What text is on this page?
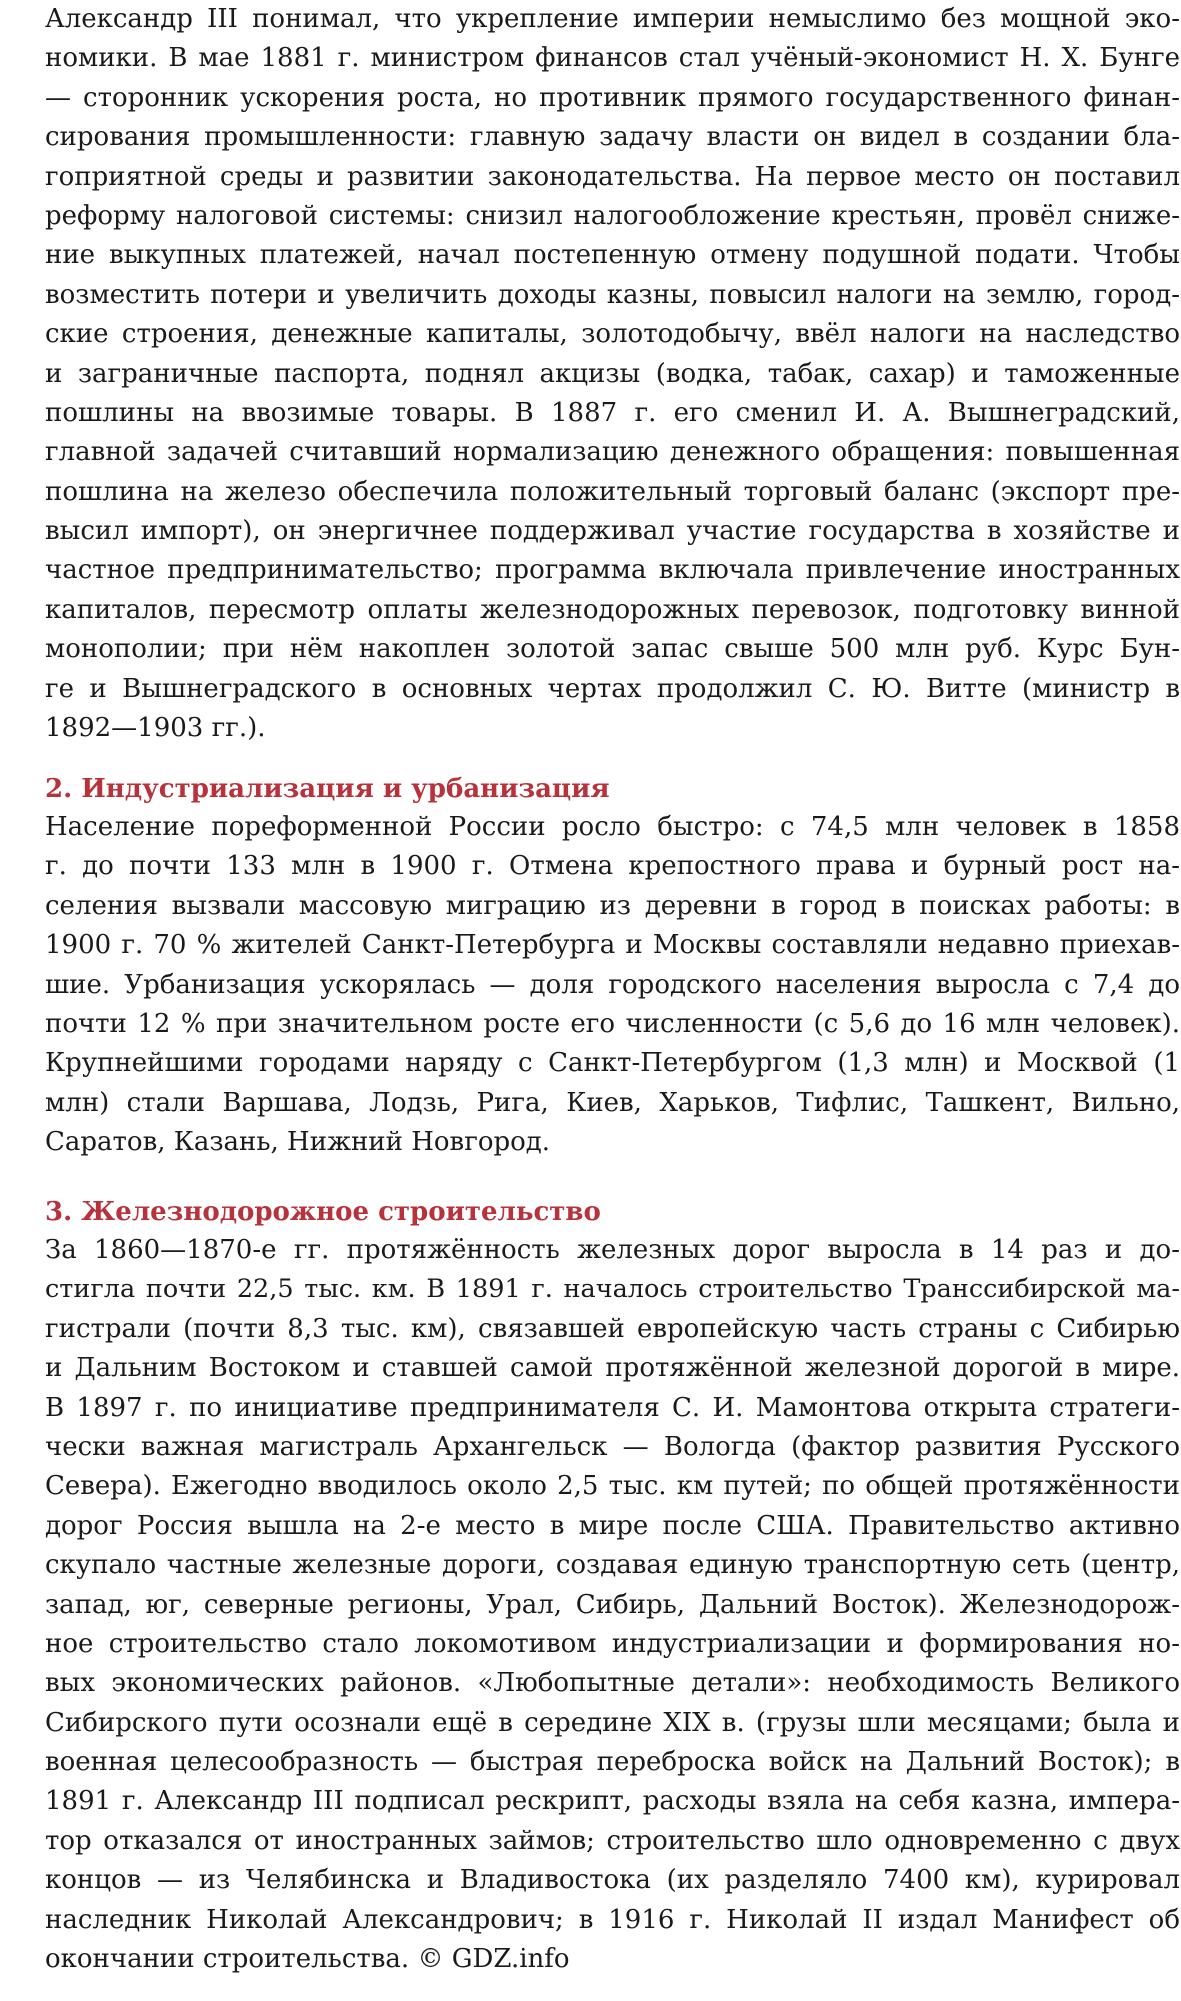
Александр III понимал, что укрепление империи немыслимо без мощной эко-
номики. В мае 1881 г. министром финансов стал учёный-экономист Н. Х. Бунге
— сторонник ускорения роста, но противник прямого государственного финан-
сирования промышленности: главную задачу власти он видел в создании бла-
гоприятной среды и развитии законодательства. На первое место он поставил
реформу налоговой системы: снизил налогообложение крестьян, провёл сниже-
ние выкупных платежей, начал постепенную отмену подушной подати. Чтобы
возместить потери и увеличить доходы казны, повысил налоги на землю, город-
ские строения, денежные капиталы, золотодобычу, ввёл налоги на наследство
и заграничные паспорта, поднял акцизы (водка, табак, сахар) и таможенные
пошлины на ввозимые товары. В 1887 г. его сменил И. А. Вышнеградский,
главной задачей считавший нормализацию денежного обращения: повышенная
пошлина на железо обеспечила положительный торговый баланс (экспорт пре-
высил импорт), он энергичнее поддерживал участие государства в хозяйстве и
частное предпринимательство; программа включала привлечение иностранных
капиталов, пересмотр оплаты железнодорожных перевозок, подготовку винной
монополии; при нём накоплен золотой запас свыше 500 млн руб. Курс Бун-
ге и Вышнеградского в основных чертах продолжил С. Ю. Витте (министр в
1892—1903 гг.).
2. Индустриализация и урбанизация
Население пореформенной России росло быстро: с 74,5 млн человек в 1858
г. до почти 133 млн в 1900 г. Отмена крепостного права и бурный рост на-
селения вызвали массовую миграцию из деревни в город в поисках работы: в
1900 г. 70 % жителей Санкт-Петербурга и Москвы составляли недавно приехав-
шие. Урбанизация ускорялась — доля городского населения выросла с 7,4 до
почти 12 % при значительном росте его численности (с 5,6 до 16 млн человек).
Крупнейшими городами наряду с Санкт-Петербургом (1,3 млн) и Москвой (1
млн) стали Варшава, Лодзь, Рига, Киев, Харьков, Тифлис, Ташкент, Вильно,
Саратов, Казань, Нижний Новгород.
3. Железнодорожное строительство
За 1860—1870-е гг. протяжённость железных дорог выросла в 14 раз и до-
стигла почти 22,5 тыс. км. В 1891 г. началось строительство Транссибирской ма-
гистрали (почти 8,3 тыс. км), связавшей европейскую часть страны с Сибирью
и Дальним Востоком и ставшей самой протяжённой железной дорогой в мире.
В 1897 г. по инициативе предпринимателя С. И. Мамонтова открыта стратеги-
чески важная магистраль Архангельск — Вологда (фактор развития Русского
Севера). Ежегодно вводилось около 2,5 тыс. км путей; по общей протяжённости
дорог Россия вышла на 2-е место в мире после США. Правительство активно
скупало частные железные дороги, создавая единую транспортную сеть (центр,
запад, юг, северные регионы, Урал, Сибирь, Дальний Восток). Железнодорож-
ное строительство стало локомотивом индустриализации и формирования но-
вых экономических районов. «Любопытные детали»: необходимость Великого
Сибирского пути осознали ещё в середине XIX в. (грузы шли месяцами; была и
военная целесообразность — быстрая переброска войск на Дальний Восток); в
1891 г. Александр III подписал рескрипт, расходы взяла на себя казна, импера-
тор отказался от иностранных займов; строительство шло одновременно с двух
концов — из Челябинска и Владивостока (их разделяло 7400 км), курировал
наследник Николай Александрович; в 1916 г. Николай II издал Манифест об
окончании строительства. © GDZ.info
